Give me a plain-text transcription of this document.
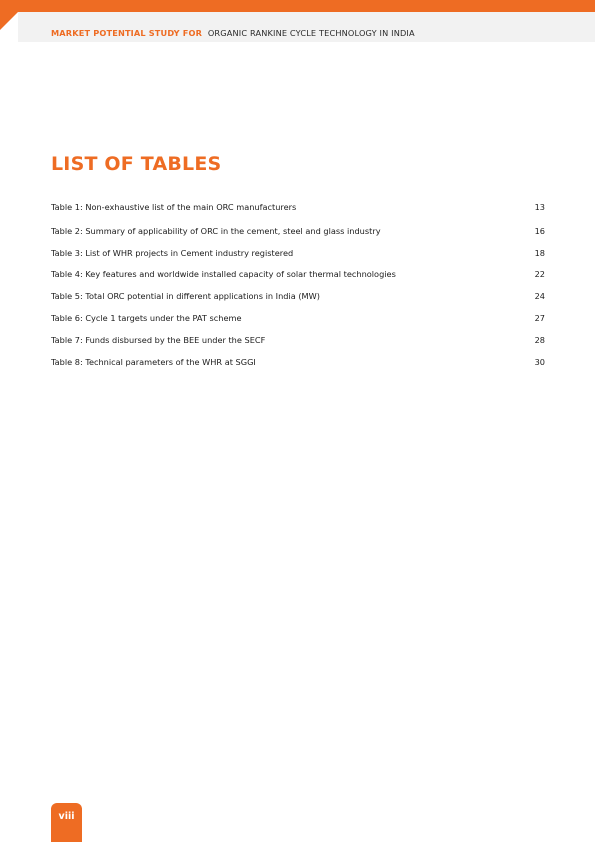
MARKET POTENTIAL STUDY FOR ORGANIC RANKINE CYCLE TECHNOLOGY IN INDIA
LIST OF TABLES
Table 1: Non-exhaustive list of the main ORC manufacturers	13
Table 2: Summary of applicability of ORC in the cement, steel and glass industry	16
Table 3: List of WHR projects in Cement industry registered	18
Table 4: Key features and worldwide installed capacity of solar thermal technologies	22
Table 5: Total ORC potential in different applications in India (MW)	24
Table 6: Cycle 1 targets under the PAT scheme	27
Table 7: Funds disbursed by the BEE under the SECF	28
Table 8: Technical parameters of the WHR at SGGI	30
viii
